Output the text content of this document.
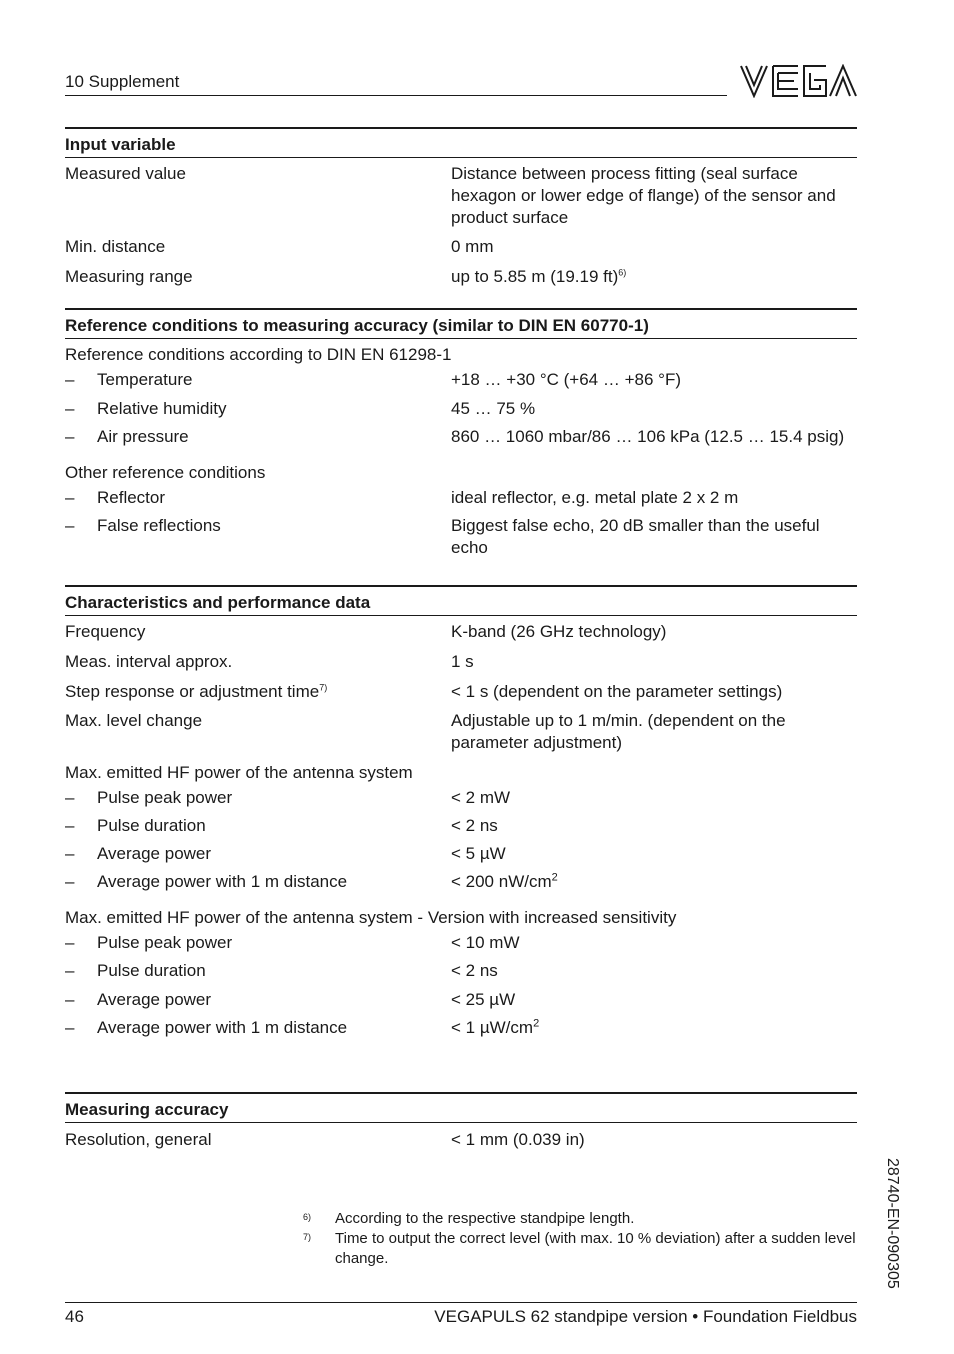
10 Supplement
Input variable
Measured value	Distance between process fitting (seal surface hexagon or lower edge of flange) of the sensor and product surface
Min. distance	0 mm
Measuring range	up to 5.85 m (19.19 ft)$^{6)}$
Reference conditions to measuring accuracy (similar to DIN EN 60770-1)
Reference conditions according to DIN EN 61298-1
– Temperature	+18 … +30 °C (+64 … +86 °F)
– Relative humidity	45 … 75 %
– Air pressure	860 … 1060 mbar/86 … 106 kPa (12.5 … 15.4 psig)
Other reference conditions
– Reflector	ideal reflector, e.g. metal plate 2 x 2 m
– False reflections	Biggest false echo, 20 dB smaller than the useful echo
Characteristics and performance data
Frequency	K-band (26 GHz technology)
Meas. interval approx.	1 s
Step response or adjustment time$^{7)}$	< 1 s (dependent on the parameter settings)
Max. level change	Adjustable up to 1 m/min. (dependent on the parameter adjustment)
Max. emitted HF power of the antenna system
– Pulse peak power	< 2 mW
– Pulse duration	< 2 ns
– Average power	< 5 µW
– Average power with 1 m distance	< 200 $nW/cm^2$
Max. emitted HF power of the antenna system - Version with increased sensitivity
– Pulse peak power	< 10 mW
– Pulse duration	< 2 ns
– Average power	< 25 µW
– Average power with 1 m distance	< 1 $\mu W/cm^2$
Measuring accuracy
Resolution, general	< 1 mm (0.039 in)
6) According to the respective standpipe length.
7) Time to output the correct level (with max. 10 % deviation) after a sudden level change.	28740-EN-090305
46	VEGAPULS 62 standpipe version • Foundation Fieldbus
